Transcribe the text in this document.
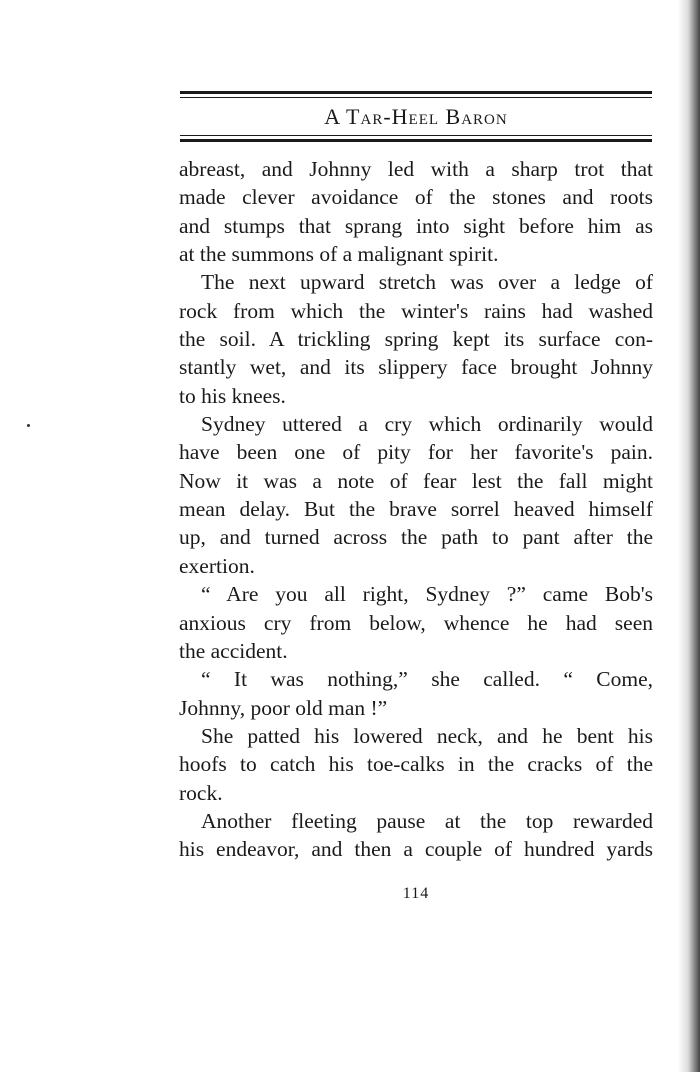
A Tar-Heel Baron
abreast, and Johnny led with a sharp trot that
made clever avoidance of the stones and roots
and stumps that sprang into sight before him as
at the summons of a malignant spirit.
The next upward stretch was over a ledge of
rock from which the winter's rains had washed
the soil. A trickling spring kept its surface con-
stantly wet, and its slippery face brought Johnny
to his knees.
Sydney uttered a cry which ordinarily would
have been one of pity for her favorite's pain.
Now it was a note of fear lest the fall might
mean delay. But the brave sorrel heaved himself
up, and turned across the path to pant after the
exertion.
“ Are you all right, Sydney ?” came Bob's
anxious cry from below, whence he had seen
the accident.
“ It was nothing,” she called. “ Come,
Johnny, poor old man !”
She patted his lowered neck, and he bent his
hoofs to catch his toe-calks in the cracks of the
rock.
Another fleeting pause at the top rewarded
his endeavor, and then a couple of hundred yards
114
